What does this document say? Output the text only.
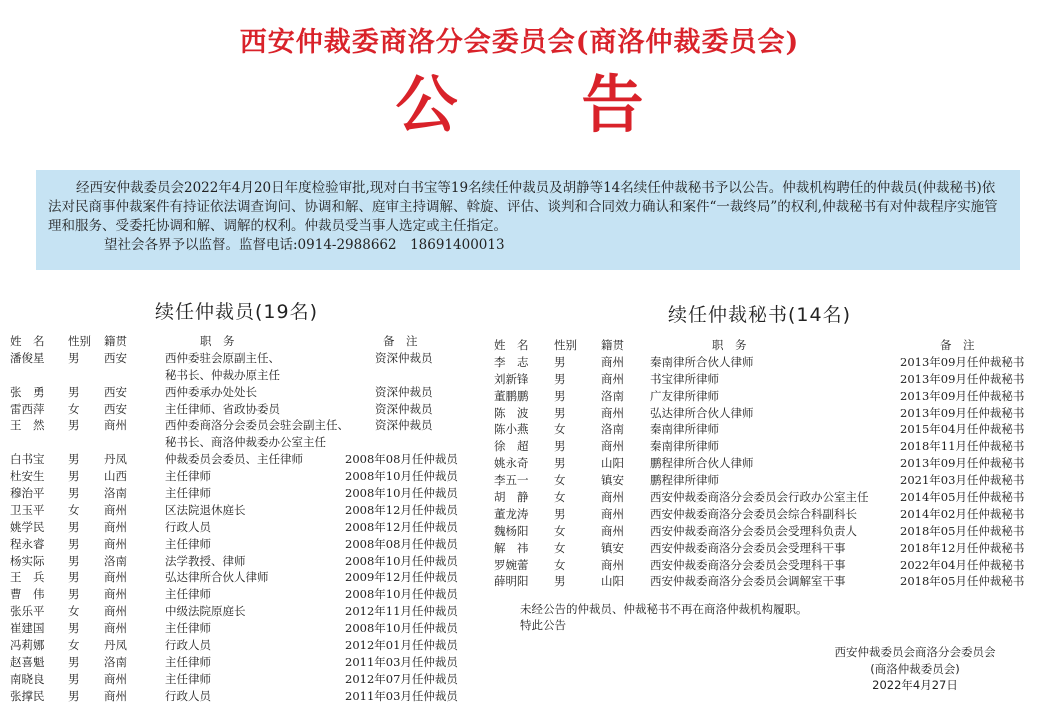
西安仲裁委商洛分会委员会(商洛仲裁委员会)
公 告

经西安仲裁委员会2022年4月20日年度检验审批,现对白书宝等19名续任仲裁员及胡静等14名续任仲裁秘书予以公告。仲裁机构聘任的仲裁员(仲裁秘书)依法对民商事仲裁案件有持证依法调查询问、协调和解、庭审主持调解、斡旋、评估、谈判和合同效力确认和案件“一裁终局”的权利,仲裁秘书有对仲裁程序实施管理和服务、受委托协调和解、调解的权利。仲裁员受当事人选定或主任指定。

望社会各界予以监督。监督电话:0914-2988662　18691400013

续任仲裁员(19名)	续任仲裁秘书(14名)
姓　名 性别 籍贯	职　务	备　注
潘俊星 男 西安	西仲委驻会原副主任、	资深仲裁员
秘书长、仲裁办原主任
张　勇 男 西安	西仲委承办处处长	资深仲裁员
雷西萍 女 西安	主任律师、省政协委员	资深仲裁员
王　然 男 商州	西仲委商洛分会委员会驻会副主任、 资深仲裁员
秘书长、商洛仲裁委办公室主任
白书宝 男 丹凤	仲裁委员会委员、主任律师	2008年08月任仲裁员
杜安生 男 山西	主任律师	2008年10月任仲裁员
穆治平 男 洛南	主任律师	2008年10月任仲裁员
卫玉平 女 商州	区法院退休庭长	2008年12月任仲裁员
姚学民 男 商州	行政人员	2008年12月任仲裁员
程永睿 男 商州	主任律师	2008年08月任仲裁员
杨实际 男 洛南	法学教授、律师	2008年10月任仲裁员
王　兵 男 商州	弘达律所合伙人律师	2009年12月任仲裁员
曹　伟 男 商州	主任律师	2008年10月任仲裁员
张乐平 女 商州	中级法院原庭长	2012年11月任仲裁员
崔建国 男 商州	主任律师	2008年10月任仲裁员
冯莉娜 女 丹凤	行政人员	2012年01月任仲裁员
赵喜魁 男 洛南	主任律师	2011年03月任仲裁员
南晓良 男 商州	主任律师	2012年07月任仲裁员
张撑民 男 商州	行政人员	2011年03月任仲裁员
姓　名 性别 籍贯	职　务	备　注
李　志 男	商州 秦南律所合伙人律师	2013年09月任仲裁秘书
刘新锋 男	商州 书宝律所律师	2013年09月任仲裁秘书
董鹏鹏 男	洛南 广友律所律师	2013年09月任仲裁秘书
陈　波 男	商州 弘达律所合伙人律师	2013年09月任仲裁秘书
陈小燕 女	洛南 秦南律所律师	2015年04月任仲裁秘书
徐　超 男	商州 秦南律所律师	2018年11月任仲裁秘书
姚永奇 男	山阳 鹏程律所合伙人律师	2013年09月任仲裁秘书
李五一 女	镇安 鹏程律所律师	2021年03月任仲裁秘书
胡　静 女	商州 西安仲裁委商洛分会委员会行政办公室主任	2014年05月任仲裁秘书
董龙涛 男	商州 西安仲裁委商洛分会委员会综合科副科长	2014年02月任仲裁秘书
魏杨阳 女	商州 西安仲裁委商洛分会委员会受理科负责人	2018年05月任仲裁秘书
解　祎 女	镇安 西安仲裁委商洛分会委员会受理科干事	2018年12月任仲裁秘书
罗婉蕾 女	商州 西安仲裁委商洛分会委员会受理科干事	2022年04月任仲裁秘书
薛明阳 男	山阳 西安仲裁委商洛分会委员会调解室干事	2018年05月任仲裁秘书
未经公告的仲裁员、仲裁秘书不再在商洛仲裁机构履职。
特此公告
西安仲裁委员会商洛分会委员会
(商洛仲裁委员会)
2022年4月27日
